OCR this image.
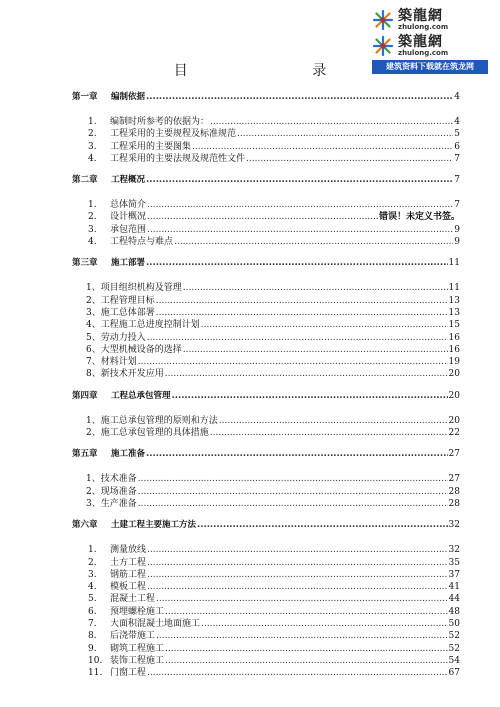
築龍網
zhulong.com
築龍網
zhulong.com
建筑资料下载就在筑龙网
目 录
第一章 编制依据 .....	4
1. 编制时所参考的依据为： .....	4
2. 工程采用的主要规程及标准规范 .....	5
3. 工程采用的主要图集 .....	6
4. 工程采用的主要法规及规范性文件 .....	7
第二章 工程概况 .....	7
1. 总体简介 .....	7
2. 设计概况 .....	错误！未定义书签。
3. 承包范围 .....	9
4. 工程特点与难点 .....	9
第三章 施工部署 .....	11
1、项目组织机构及管理 .....	11
2、工程管理目标 .....	13
3、施工总体部署 .....	13
4、工程施工总进度控制计划 .....	15
5、劳动力投入 .....	16
6、大型机械设备的选择 .....	16
7、材料计划 .....	19
8、新技术开发应用 .....	20
第四章 工程总承包管理 .....	20
1、施工总承包管理的原则和方法 .....	20
2、施工总承包管理的具体措施 .....	22
第五章 施工准备 .....	27
1、技术准备 .....	27
2、现场准备 .....	28
3、生产准备 .....	28
第六章 土建工程主要施工方法 .....	32
1. 测量放线 .....	32
2. 土方工程 .....	35
3. 钢筋工程 .....	37
4. 模板工程 .....	41
5. 混凝土工程 .....	44
6. 预埋螺栓施工 .....	48
7. 大面积混凝土地面施工 .....	50
8. 后浇带施工 .....	52
9. 砌筑工程施工 .....	52
10. 装饰工程施工 .....	54
11. 门窗工程 .....	67
